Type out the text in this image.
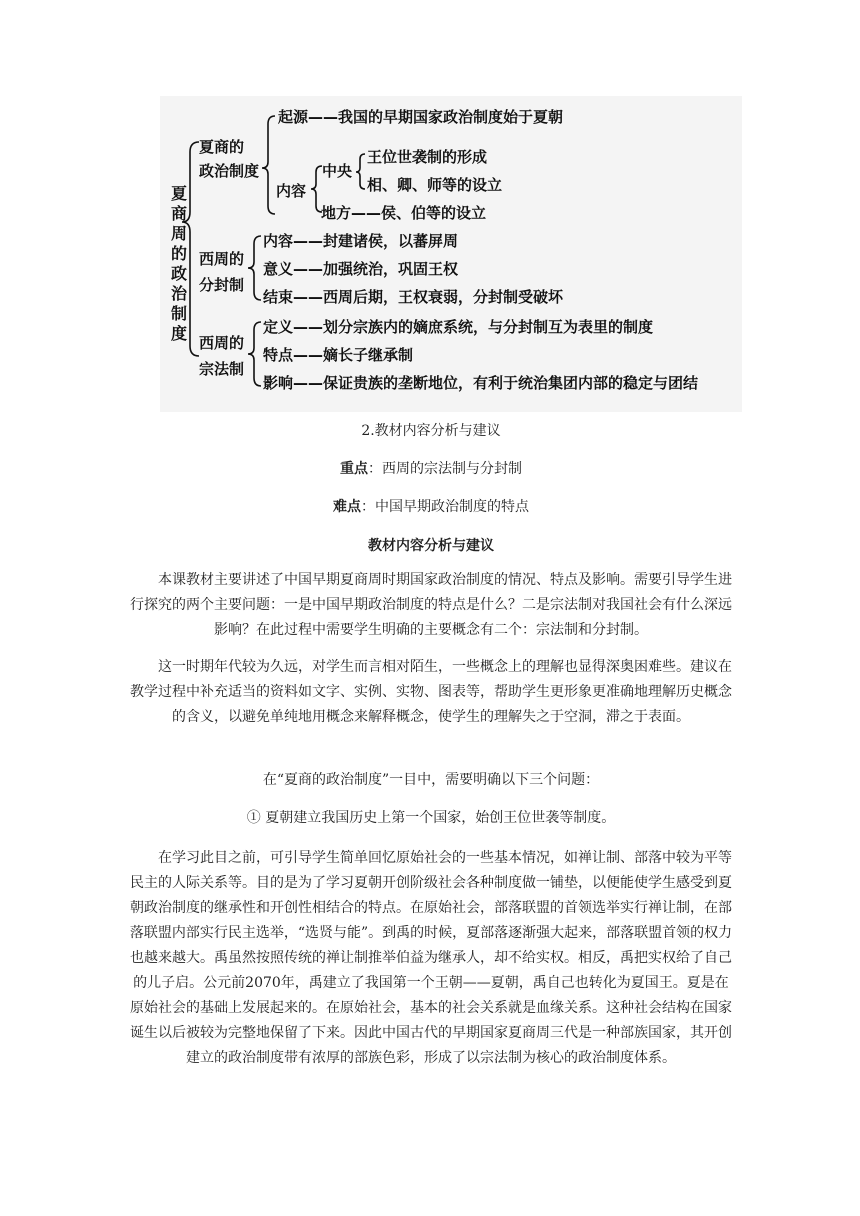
夏商周的政治制度
夏商的
政治制度
起源——我国的早期国家政治制度始于夏朝
内容
中央
王位世袭制的形成
相、卿、师等的设立
地方——侯、伯等的设立
西周的
分封制
内容——封建诸侯，以蕃屏周
意义——加强统治，巩固王权
结束——西周后期，王权衰弱，分封制受破坏
西周的
宗法制
定义——划分宗族内的嫡庶系统，与分封制互为表里的制度
特点——嫡长子继承制
影响——保证贵族的垄断地位，有利于统治集团内部的稳定与团结

2.教材内容分析与建议

重点：西周的宗法制与分封制

难点：中国早期政治制度的特点

教材内容分析与建议

本课教材主要讲述了中国早期夏商周时期国家政治制度的情况、特点及影响。需要引导学生进行探究的两个主要问题：一是中国早期政治制度的特点是什么？二是宗法制对我国社会有什么深远影响？在此过程中需要学生明确的主要概念有二个：宗法制和分封制。

这一时期年代较为久远，对学生而言相对陌生，一些概念上的理解也显得深奥困难些。建议在教学过程中补充适当的资料如文字、实例、实物、图表等，帮助学生更形象更准确地理解历史概念的含义，以避免单纯地用概念来解释概念，使学生的理解失之于空洞，滞之于表面。

在“夏商的政治制度”一目中，需要明确以下三个问题：

① 夏朝建立我国历史上第一个国家，始创王位世袭等制度。

在学习此目之前，可引导学生简单回忆原始社会的一些基本情况，如禅让制、部落中较为平等民主的人际关系等。目的是为了学习夏朝开创阶级社会各种制度做一铺垫，以便能使学生感受到夏朝政治制度的继承性和开创性相结合的特点。在原始社会，部落联盟的首领选举实行禅让制，在部落联盟内部实行民主选举，“选贤与能”。到禹的时候，夏部落逐渐强大起来，部落联盟首领的权力也越来越大。禹虽然按照传统的禅让制推举伯益为继承人，却不给实权。相反，禹把实权给了自己的儿子启。公元前2070年，禹建立了我国第一个王朝——夏朝，禹自己也转化为夏国王。夏是在原始社会的基础上发展起来的。在原始社会，基本的社会关系就是血缘关系。这种社会结构在国家诞生以后被较为完整地保留了下来。因此中国古代的早期国家夏商周三代是一种部族国家，其开创建立的政治制度带有浓厚的部族色彩，形成了以宗法制为核心的政治制度体系。
